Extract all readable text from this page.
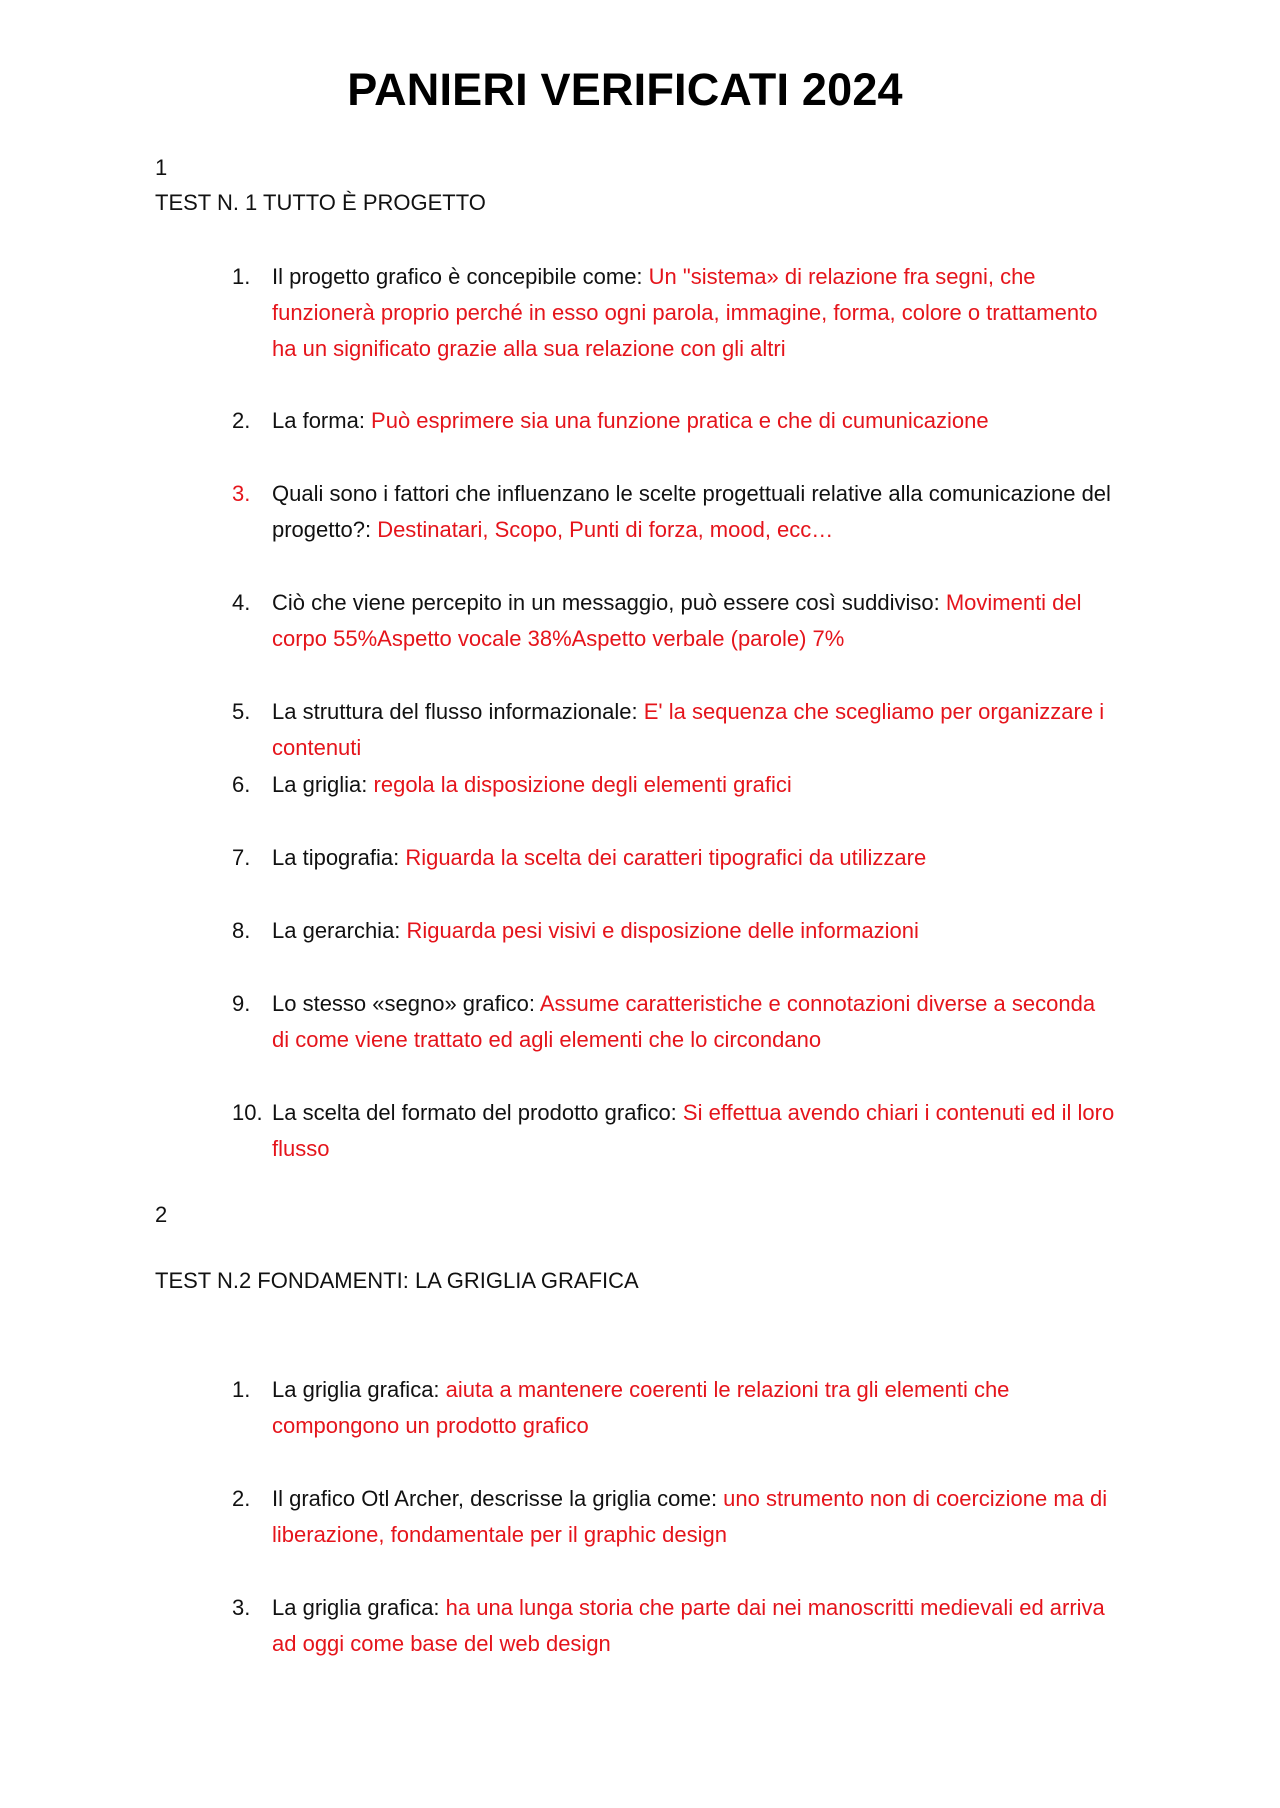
PANIERI VERIFICATI 2024
1
TEST N. 1 TUTTO È PROGETTO
1. Il progetto grafico è concepibile come: Un "sistema» di relazione fra segni, che funzionerà proprio perché in esso ogni parola, immagine, forma, colore o trattamento ha un significato grazie alla sua relazione con gli altri
2. La forma: Può esprimere sia una funzione pratica e che di cumunicazione
3. Quali sono i fattori che influenzano le scelte progettuali relative alla comunicazione del progetto?: Destinatari, Scopo, Punti di forza, mood, ecc…
4. Ciò che viene percepito in un messaggio, può essere così suddiviso: Movimenti del corpo 55%Aspetto vocale 38%Aspetto verbale (parole) 7%
5. La struttura del flusso informazionale: E' la sequenza che scegliamo per organizzare i contenuti
6. La griglia: regola la disposizione degli elementi grafici
7. La tipografia: Riguarda la scelta dei caratteri tipografici da utilizzare
8. La gerarchia: Riguarda pesi visivi e disposizione delle informazioni
9. Lo stesso «segno» grafico: Assume caratteristiche e connotazioni diverse a seconda di come viene trattato ed agli elementi che lo circondano
10. La scelta del formato del prodotto grafico: Si effettua avendo chiari i contenuti ed il loro flusso
2
TEST N.2 FONDAMENTI: LA GRIGLIA GRAFICA
1. La griglia grafica: aiuta a mantenere coerenti le relazioni tra gli elementi che compongono un prodotto grafico
2. Il grafico Otl Archer, descrisse la griglia come: uno strumento non di coercizione ma di liberazione, fondamentale per il graphic design
3. La griglia grafica: ha una lunga storia che parte dai nei manoscritti medievali ed arriva ad oggi come base del web design
